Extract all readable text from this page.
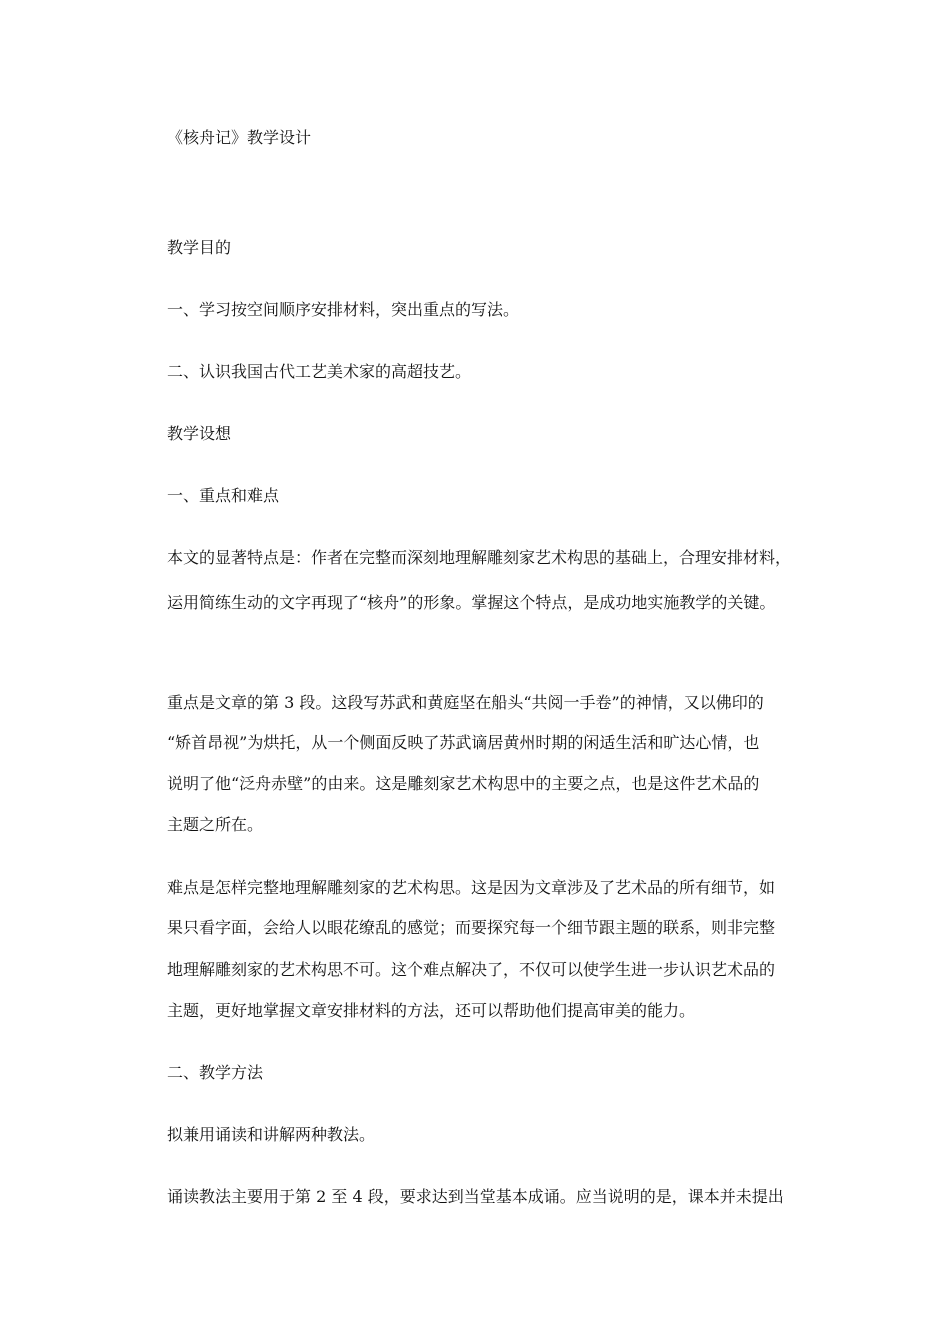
《核舟记》教学设计
教学目的
一、学习按空间顺序安排材料，突出重点的写法。
二、认识我国古代工艺美术家的高超技艺。
教学设想
一、重点和难点
本文的显著特点是：作者在完整而深刻地理解雕刻家艺术构思的基础上，合理安排材料，
运用简练生动的文字再现了“核舟”的形象。掌握这个特点，是成功地实施教学的关键。
重点是文章的第 3 段。这段写苏武和黄庭坚在船头“共阅一手卷”的神情，又以佛印的
“矫首昂视”为烘托，从一个侧面反映了苏武谪居黄州时期的闲适生活和旷达心情，也
说明了他“泛舟赤壁”的由来。这是雕刻家艺术构思中的主要之点，也是这件艺术品的
主题之所在。
难点是怎样完整地理解雕刻家的艺术构思。这是因为文章涉及了艺术品的所有细节，如
果只看字面，会给人以眼花缭乱的感觉；而要探究每一个细节跟主题的联系，则非完整
地理解雕刻家的艺术构思不可。这个难点解决了，不仅可以使学生进一步认识艺术品的
主题，更好地掌握文章安排材料的方法，还可以帮助他们提高审美的能力。
二、教学方法
拟兼用诵读和讲解两种教法。
诵读教法主要用于第 2 至 4 段，要求达到当堂基本成诵。应当说明的是，课本并未提出
